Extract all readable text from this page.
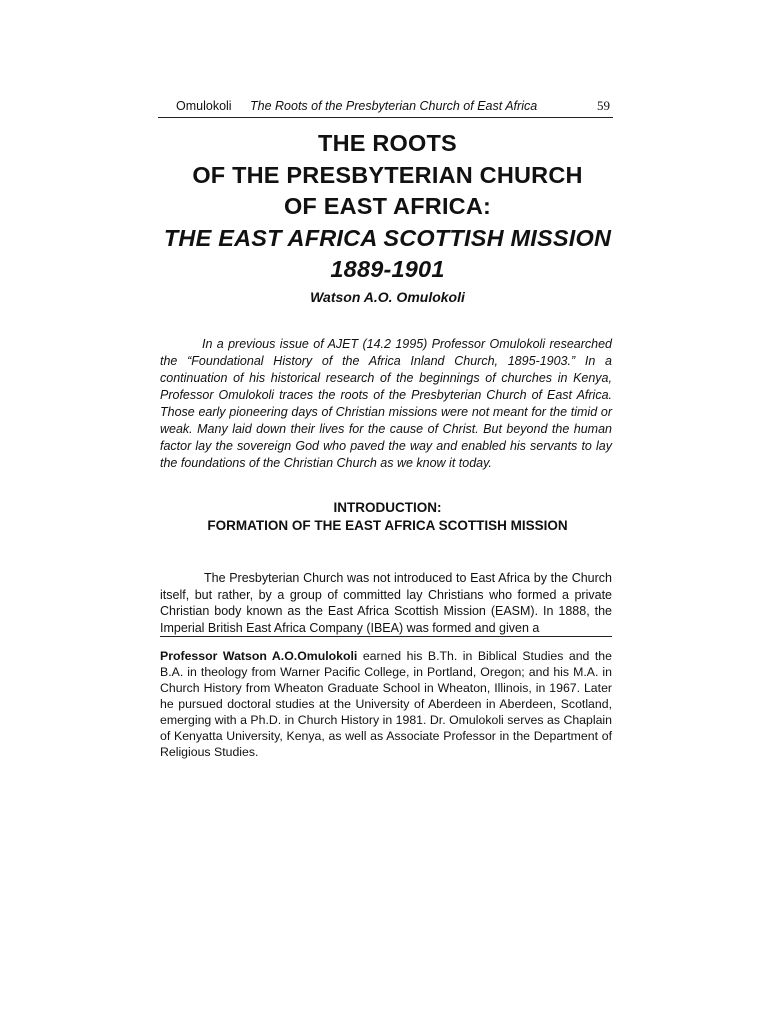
Omulokoli The Roots of the Presbyterian Church of East Africa	59
THE ROOTS
OF THE PRESBYTERIAN CHURCH
OF EAST AFRICA:
THE EAST AFRICA SCOTTISH MISSION
1889-1901
Watson A.O. Omulokoli
In a previous issue of AJET (14.2 1995) Professor Omulokoli researched the “Foundational History of the Africa Inland Church, 1895-1903.” In a continuation of his historical research of the beginnings of churches in Kenya, Professor Omulokoli traces the roots of the Presbyterian Church of East Africa. Those early pioneering days of Christian missions were not meant for the timid or weak. Many laid down their lives for the cause of Christ. But beyond the human factor lay the sovereign God who paved the way and enabled his servants to lay the foundations of the Christian Church as we know it today.
INTRODUCTION:
FORMATION OF THE EAST AFRICA SCOTTISH MISSION
The Presbyterian Church was not introduced to East Africa by the Church itself, but rather, by a group of committed lay Christians who formed a private Christian body known as the East Africa Scottish Mission (EASM). In 1888, the Imperial British East Africa Company (IBEA) was formed and given a
Professor Watson A.O.Omulokoli earned his B.Th. in Biblical Studies and the B.A. in theology from Warner Pacific College, in Portland, Oregon; and his M.A. in Church History from Wheaton Graduate School in Wheaton, Illinois, in 1967. Later he pursued doctoral studies at the University of Aberdeen in Aberdeen, Scotland, emerging with a Ph.D. in Church History in 1981. Dr. Omulokoli serves as Chaplain of Kenyatta University, Kenya, as well as Associate Professor in the Department of Religious Studies.
